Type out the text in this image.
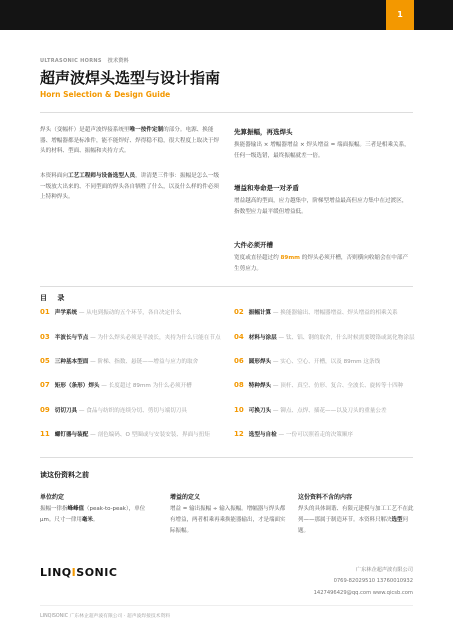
1
ULTRASONIC HORNS 技术资料
超声波焊头选型与设计指南
Horn Selection & Design Guide
焊头（变幅杆）是超声波焊接系统里唯一按件定制的部分。电源、换能器、增幅器都是标准件，能不能焊好、焊得稳不稳，很大程度上取决于焊头的材料、型面、振幅和夹持方式。
本资料面向工艺工程师与设备选型人员，讲清楚三件事：振幅是怎么一级一级放大出来的、不同型面的焊头各自牺牲了什么，以及什么样的件必须上特种焊头。
先算振幅，再选焊头
换能器输出 × 增幅器增益 × 焊头增益 = 端面振幅。三者是相乘关系，任何一级选错，最终振幅就差一倍。
增益和寿命是一对矛盾
增益越高的型面，应力越集中，阶梯型增益最高但应力集中在过渡区，指数型应力最平缓但增益低。
大件必须开槽
宽度或直径超过约 89mm 的焊头必须开槽，否则横向收缩会在中部产生剪应力。
目 录
01 声学系统 — 从电到振动的五个环节，各自决定什么	02 振幅计算 — 换能器输出、增幅器增益、焊头增益的相乘关系
03 半波长与节点 — 为什么焊头必须是半波长，夹持为什么只能在节点	04 材料与涂层 — 钛、铝、钢的取舍，什么时候需要镀铬或氮化物涂层
05 三种基本型面 — 阶梯、指数、悬链——增益与应力的取舍	06 圆形焊头 — 实心、空心、开槽，以及 89mm 这条线
07 矩形（条形）焊头 — 长度超过 89mm 为什么必须开槽	08 特种焊头 — 顶杆、真空、仿形、复合、全波长、旋转等十四种
09 切切刀具 — 食品与纺织的连续分切、剪切与端切刀具	10 可换刀头 — 铆点、点焊、插花——以及刀头的重量公差
11 螺钉器与装配 — 剖色编码、O 型圈或与安装安装、界面与扭矩	12 选型与自检 — 一份可以照着走的决策顺序
读这份资料之前
单位约定
振幅一律指峰峰值（peak-to-peak），单位 μm。尺寸一律用毫米。
增益的定义
增益 = 输出振幅 ÷ 输入振幅。增幅器与焊头都有增益，两者相乘再乘换能器输出，才是端面实际振幅。
这份资料不含的内容
焊头的具体调谐、有限元建模与加工工艺不在此列——那属于制造环节。本资料只解决选型问题。
LINQISONIC	广东林企超声波有限公司
0769-82029510 13760010932
1427496429@qq.com www.qicsb.com
LINQISONIC 广东林企超声波有限公司 · 超声波焊接技术资料
